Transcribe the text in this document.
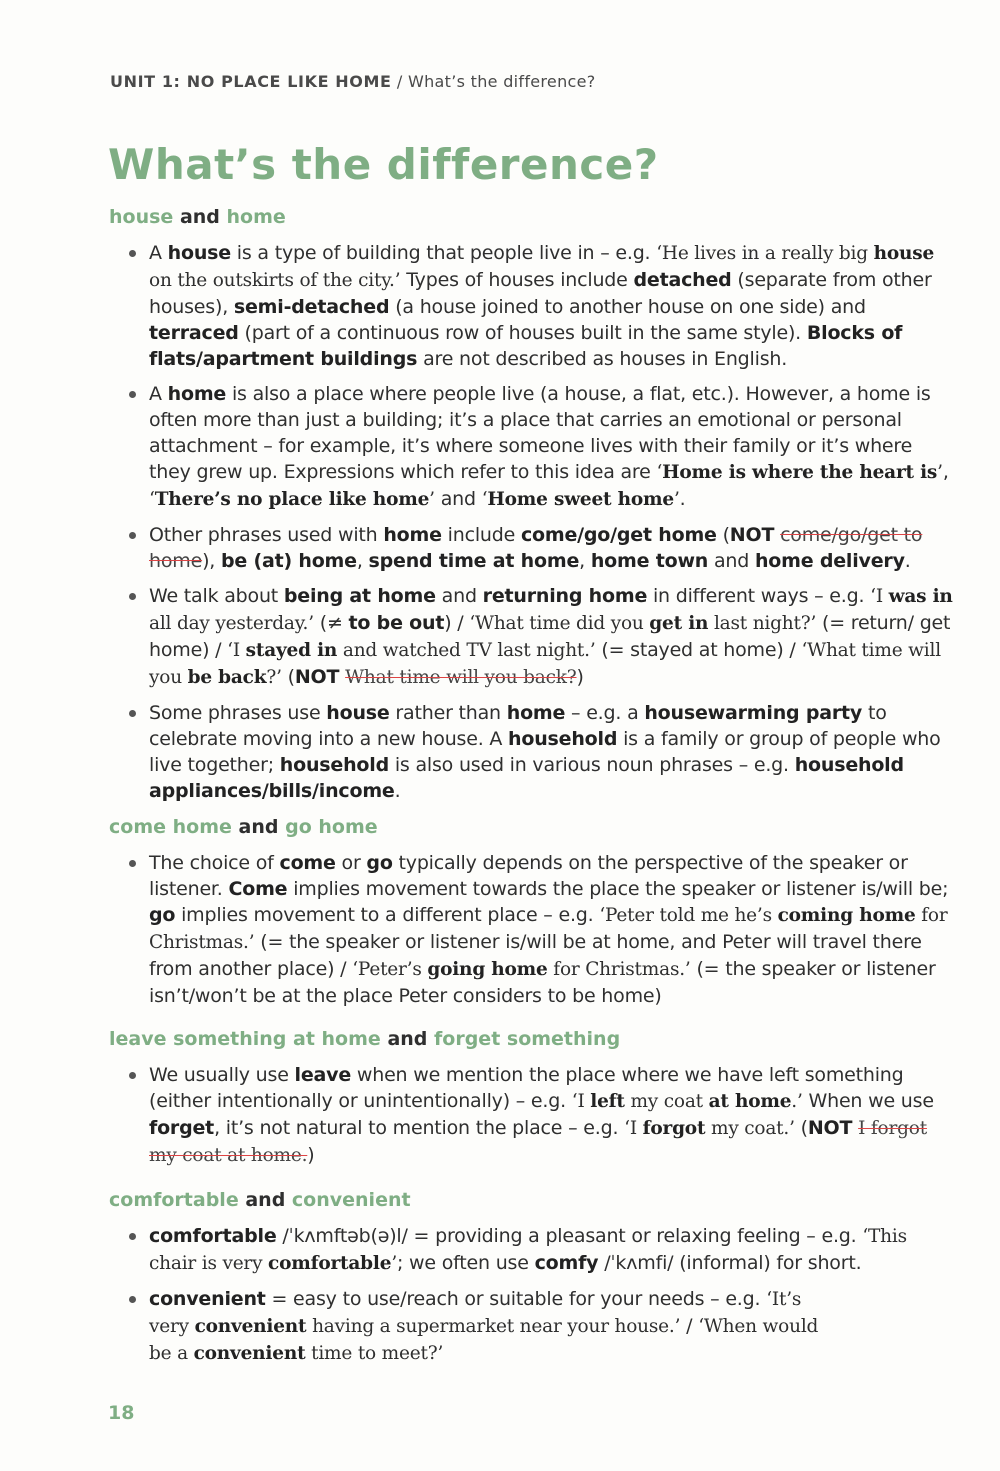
UNIT 1: NO PLACE LIKE HOME / What’s the difference?
What’s the difference?
house and home
A house is a type of building that people live in – e.g. ‘He lives in a really big house on the outskirts of the city.’ Types of houses include detached (separate from other houses), semi-detached (a house joined to another house on one side) and terraced (part of a continuous row of houses built in the same style). Blocks of flats/apartment buildings are not described as houses in English.
A home is also a place where people live (a house, a flat, etc.). However, a home is often more than just a building; it’s a place that carries an emotional or personal attachment – for example, it’s where someone lives with their family or it’s where they grew up. Expressions which refer to this idea are ‘Home is where the heart is’, ‘There’s no place like home’ and ‘Home sweet home’.
Other phrases used with home include come/go/get home (NOT come/go/get to home), be (at) home, spend time at home, home town and home delivery.
We talk about being at home and returning home in different ways – e.g. ‘I was in all day yesterday.’ (≠ to be out) / ‘What time did you get in last night?’ (= return/ get home) / ‘I stayed in and watched TV last night.’ (= stayed at home) / ‘What time will you be back?’ (NOT What time will you back?)
Some phrases use house rather than home – e.g. a housewarming party to celebrate moving into a new house. A household is a family or group of people who live together; household is also used in various noun phrases – e.g. household appliances/bills/income.
come home and go home
The choice of come or go typically depends on the perspective of the speaker or listener. Come implies movement towards the place the speaker or listener is/will be; go implies movement to a different place – e.g. ‘Peter told me he’s coming home for Christmas.’ (= the speaker or listener is/will be at home, and Peter will travel there from another place) / ‘Peter’s going home for Christmas.’ (= the speaker or listener isn’t/won’t be at the place Peter considers to be home)
leave something at home and forget something
We usually use leave when we mention the place where we have left something (either intentionally or unintentionally) – e.g. ‘I left my coat at home.’ When we use forget, it’s not natural to mention the place – e.g. ‘I forgot my coat.’ (NOT I forgot my coat at home.)
comfortable and convenient
comfortable /ˈkʌmftəb(ə)l/ = providing a pleasant or relaxing feeling – e.g. ‘This chair is very comfortable’; we often use comfy /ˈkʌmfi/ (informal) for short.
convenient = easy to use/reach or suitable for your needs – e.g. ‘It’s very convenient having a supermarket near your house.’ / ‘When would be a convenient time to meet?’
18
